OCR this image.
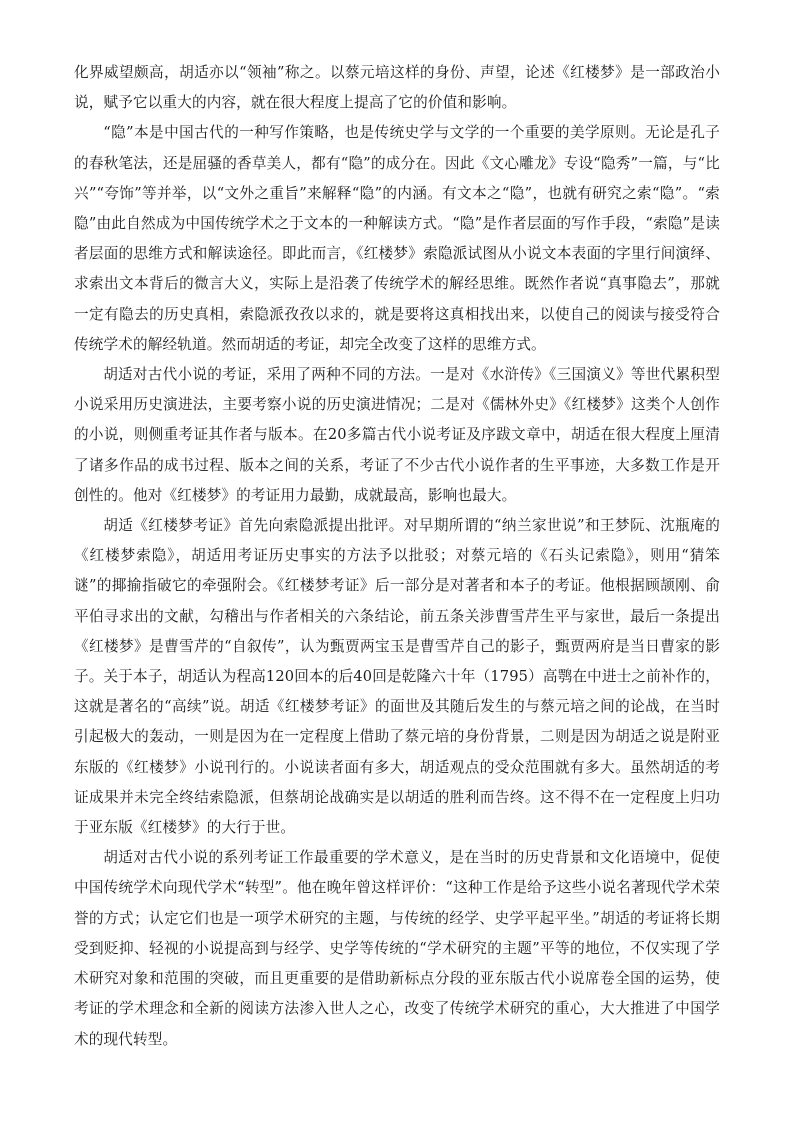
化界威望颇高，胡适亦以“领袖”称之。以蔡元培这样的身份、声望，论述《红楼梦》是一部政治小说，赋予它以重大的内容，就在很大程度上提高了它的价值和影响。

“隐”本是中国古代的一种写作策略，也是传统史学与文学的一个重要的美学原则。无论是孔子的春秋笔法，还是屈骚的香草美人，都有“隐”的成分在。因此《文心雕龙》专设“隐秀”一篇，与“比兴”“夸饰”等并举，以“文外之重旨”来解释“隐”的内涵。有文本之“隐”，也就有研究之索“隐”。“索隐”由此自然成为中国传统学术之于文本的一种解读方式。“隐”是作者层面的写作手段，“索隐”是读者层面的思维方式和解读途径。即此而言，《红楼梦》索隐派试图从小说文本表面的字里行间演绎、求索出文本背后的微言大义，实际上是沿袭了传统学术的解经思维。既然作者说“真事隐去”，那就一定有隐去的历史真相，索隐派孜孜以求的，就是要将这真相找出来，以使自己的阅读与接受符合传统学术的解经轨道。然而胡适的考证，却完全改变了这样的思维方式。

胡适对古代小说的考证，采用了两种不同的方法。一是对《水浒传》《三国演义》等世代累积型小说采用历史演进法，主要考察小说的历史演进情况；二是对《儒林外史》《红楼梦》这类个人创作的小说，则侧重考证其作者与版本。在20多篇古代小说考证及序跋文章中，胡适在很大程度上厘清了诸多作品的成书过程、版本之间的关系，考证了不少古代小说作者的生平事迹，大多数工作是开创性的。他对《红楼梦》的考证用力最勤，成就最高，影响也最大。

胡适《红楼梦考证》首先向索隐派提出批评。对早期所谓的“纳兰家世说”和王梦阮、沈瓶庵的《红楼梦索隐》，胡适用考证历史事实的方法予以批驳；对蔡元培的《石头记索隐》，则用“猜笨谜”的揶揄指破它的牵强附会。《红楼梦考证》后一部分是对著者和本子的考证。他根据顾颉刚、俞平伯寻求出的文献，勾稽出与作者相关的六条结论，前五条关涉曹雪芹生平与家世，最后一条提出《红楼梦》是曹雪芹的“自叙传”，认为甄贾两宝玉是曹雪芹自己的影子，甄贾两府是当日曹家的影子。关于本子，胡适认为程高120回本的后40回是乾隆六十年（1795）高鹗在中进士之前补作的，这就是著名的“高续”说。胡适《红楼梦考证》的面世及其随后发生的与蔡元培之间的论战，在当时引起极大的轰动，一则是因为在一定程度上借助了蔡元培的身份背景，二则是因为胡适之说是附亚东版的《红楼梦》小说刊行的。小说读者面有多大，胡适观点的受众范围就有多大。虽然胡适的考证成果并未完全终结索隐派，但蔡胡论战确实是以胡适的胜利而告终。这不得不在一定程度上归功于亚东版《红楼梦》的大行于世。

胡适对古代小说的系列考证工作最重要的学术意义，是在当时的历史背景和文化语境中，促使中国传统学术向现代学术“转型”。他在晚年曾这样评价：“这种工作是给予这些小说名著现代学术荣誉的方式；认定它们也是一项学术研究的主题，与传统的经学、史学平起平坐。”胡适的考证将长期受到贬抑、轻视的小说提高到与经学、史学等传统的“学术研究的主题”平等的地位，不仅实现了学术研究对象和范围的突破，而且更重要的是借助新标点分段的亚东版古代小说席卷全国的运势，使考证的学术理念和全新的阅读方法渗入世人之心，改变了传统学术研究的重心，大大推进了中国学术的现代转型。
